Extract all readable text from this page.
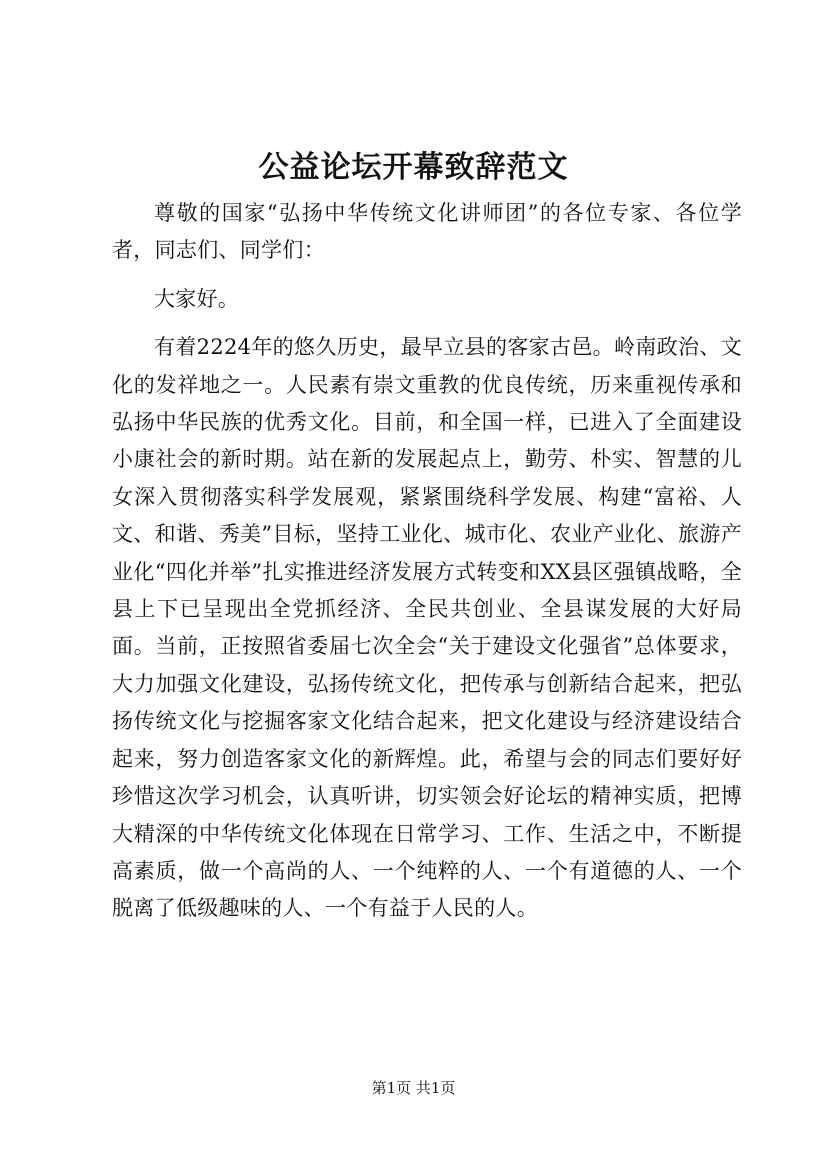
公益论坛开幕致辞范文

尊敬的国家“弘扬中华传统文化讲师团”的各位专家、各位学者，同志们、同学们：

大家好。

有着2224年的悠久历史，最早立县的客家古邑。岭南政治、文化的发祥地之一。人民素有崇文重教的优良传统，历来重视传承和弘扬中华民族的优秀文化。目前，和全国一样，已进入了全面建设小康社会的新时期。站在新的发展起点上，勤劳、朴实、智慧的儿女深入贯彻落实科学发展观，紧紧围绕科学发展、构建“富裕、人文、和谐、秀美”目标，坚持工业化、城市化、农业产业化、旅游产业化“四化并举”扎实推进经济发展方式转变和XX县区强镇战略，全县上下已呈现出全党抓经济、全民共创业、全县谋发展的大好局面。当前，正按照省委届七次全会“关于建设文化强省”总体要求，大力加强文化建设，弘扬传统文化，把传承与创新结合起来，把弘扬传统文化与挖掘客家文化结合起来，把文化建设与经济建设结合起来，努力创造客家文化的新辉煌。此，希望与会的同志们要好好珍惜这次学习机会，认真听讲，切实领会好论坛的精神实质，把博大精深的中华传统文化体现在日常学习、工作、生活之中，不断提高素质，做一个高尚的人、一个纯粹的人、一个有道德的人、一个脱离了低级趣味的人、一个有益于人民的人。

第1页 共1页
